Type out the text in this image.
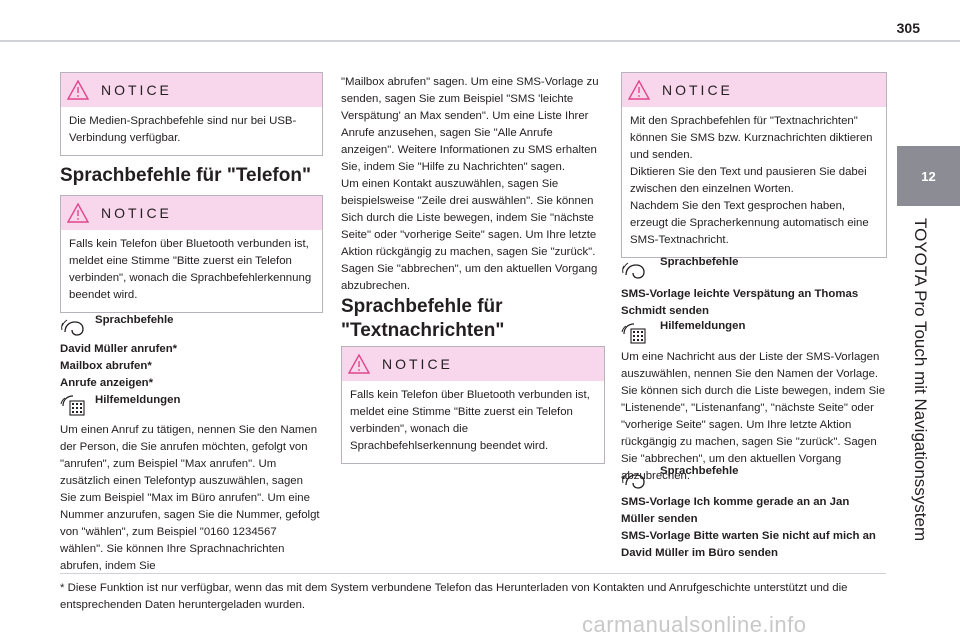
305
12
TOYOTA Pro Touch mit Navigationssystem
NOTICE
Die Medien-Sprachbefehle sind nur bei USB-Verbindung verfügbar.
Sprachbefehle für "Telefon"
NOTICE
Falls kein Telefon über Bluetooth verbunden ist, meldet eine Stimme "Bitte zuerst ein Telefon verbinden", wonach die Sprachbefehlerkennung beendet wird.
Sprachbefehle
David Müller anrufen*
Mailbox abrufen*
Anrufe anzeigen*
Hilfemeldungen
Um einen Anruf zu tätigen, nennen Sie den Namen der Person, die Sie anrufen möchten, gefolgt von "anrufen", zum Beispiel "Max anrufen". Um zusätzlich einen Telefontyp auszuwählen, sagen Sie zum Beispiel "Max im Büro anrufen". Um eine Nummer anzurufen, sagen Sie die Nummer, gefolgt von "wählen", zum Beispiel "0160 1234567 wählen". Sie können Ihre Sprachnachrichten abrufen, indem Sie
"Mailbox abrufen" sagen. Um eine SMS-Vorlage zu senden, sagen Sie zum Beispiel "SMS 'leichte Verspätung' an Max senden". Um eine Liste Ihrer Anrufe anzusehen, sagen Sie "Alle Anrufe anzeigen". Weitere Informationen zu SMS erhalten Sie, indem Sie "Hilfe zu Nachrichten" sagen.
Um einen Kontakt auszuwählen, sagen Sie beispielsweise "Zeile drei auswählen". Sie können Sich durch die Liste bewegen, indem Sie "nächste Seite" oder "vorherige Seite" sagen. Um Ihre letzte Aktion rückgängig zu machen, sagen Sie "zurück". Sagen Sie "abbrechen", um den aktuellen Vorgang abzubrechen.
Sprachbefehle für
"Textnachrichten"
NOTICE
Falls kein Telefon über Bluetooth verbunden ist, meldet eine Stimme "Bitte zuerst ein Telefon verbinden", wonach die Sprachbefehlserkennung beendet wird.
NOTICE
Mit den Sprachbefehlen für "Textnachrichten" können Sie SMS bzw. Kurznachrichten diktieren und senden.
Diktieren Sie den Text und pausieren Sie dabei zwischen den einzelnen Worten.
Nachdem Sie den Text gesprochen haben, erzeugt die Spracherkennung automatisch eine SMS-Textnachricht.
Sprachbefehle
SMS-Vorlage leichte Verspätung an Thomas Schmidt senden
Hilfemeldungen
Um eine Nachricht aus der Liste der SMS-Vorlagen auszuwählen, nennen Sie den Namen der Vorlage. Sie können sich durch die Liste bewegen, indem Sie "Listenende", "Listenanfang", "nächste Seite" oder "vorherige Seite" sagen. Um Ihre letzte Aktion rückgängig zu machen, sagen Sie "zurück". Sagen Sie "abbrechen", um den aktuellen Vorgang abzubrechen.
Sprachbefehle
SMS-Vorlage Ich komme gerade an an Jan Müller senden
SMS-Vorlage Bitte warten Sie nicht auf mich an David Müller im Büro senden
* Diese Funktion ist nur verfügbar, wenn das mit dem System verbundene Telefon das Herunterladen von Kontakten und Anrufgeschichte unterstützt und die entsprechenden Daten heruntergeladen wurden.
carmanualsonline.info
